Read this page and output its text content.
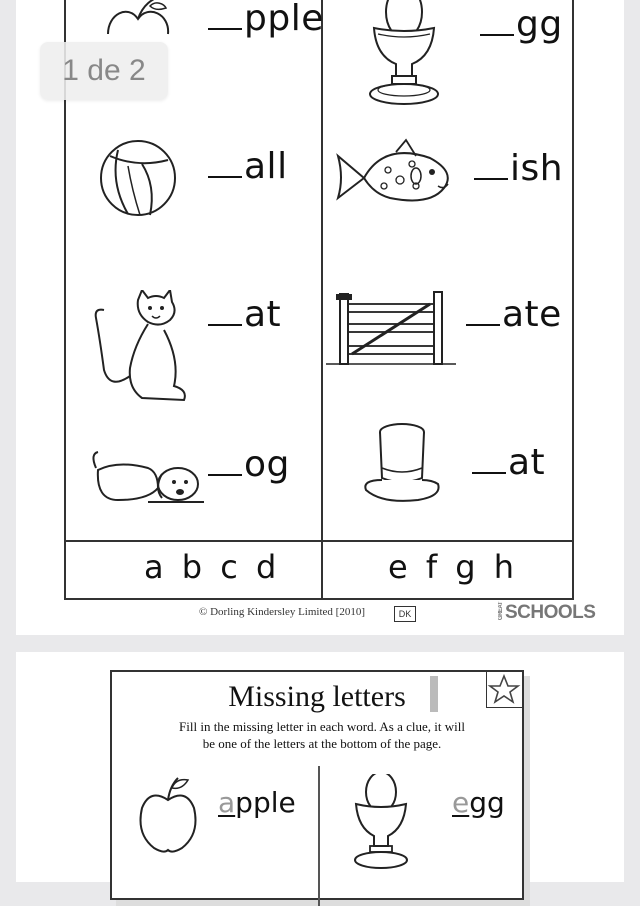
pple	gg
all	ish
at	ate
og	at
a b c d	e f g h
© Dorling Kindersley Limited [2010]	DK	GREATSCHOOLS
1 de 2
Missing letters
Fill in the missing letter in each word. As a clue, it will
be one of the letters at the bottom of the page.
apple	egg
